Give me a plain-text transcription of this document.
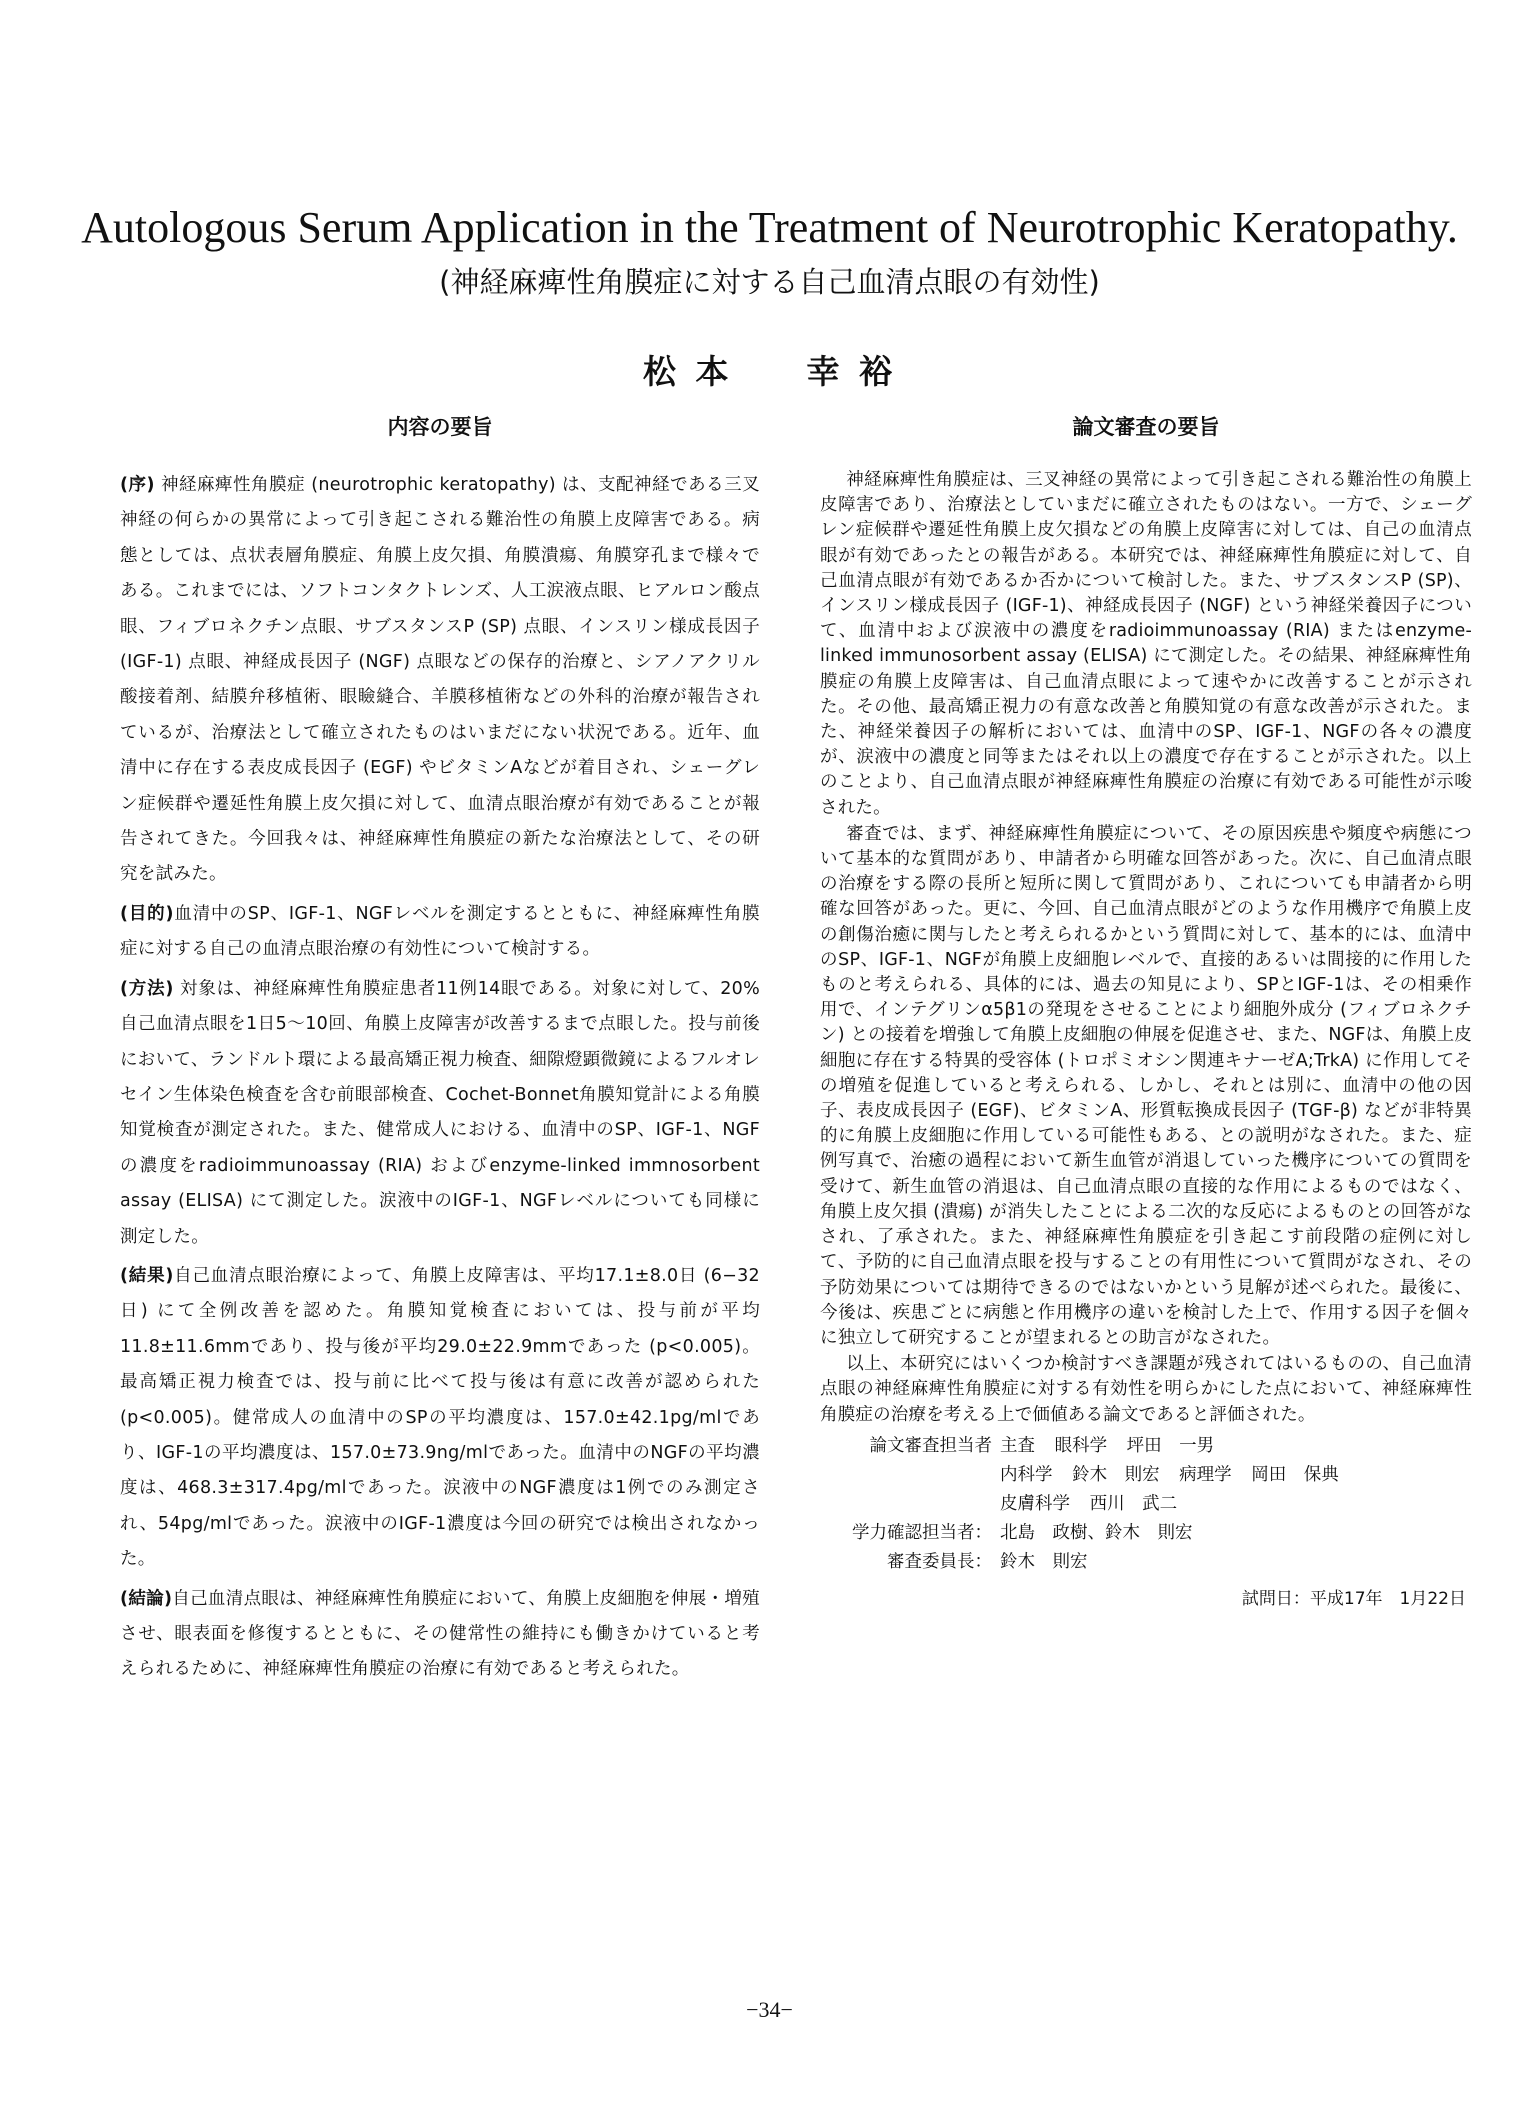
Autologous Serum Application in the Treatment of Neurotrophic Keratopathy.
(神経麻痺性角膜症に対する自己血清点眼の有効性)
松 本　　幸 裕
内容の要旨

(序) 神経麻痺性角膜症 (neurotrophic keratopathy) は、支配神経である三叉神経の何らかの異常によって引き起こされる難治性の角膜上皮障害である。病態としては、点状表層角膜症、角膜上皮欠損、角膜潰瘍、角膜穿孔まで様々である。これまでには、ソフトコンタクトレンズ、人工涙液点眼、ヒアルロン酸点眼、フィブロネクチン点眼、サブスタンスP (SP) 点眼、インスリン様成長因子 (IGF-1) 点眼、神経成長因子 (NGF) 点眼などの保存的治療と、シアノアクリル酸接着剤、結膜弁移植術、眼瞼縫合、羊膜移植術などの外科的治療が報告されているが、治療法として確立されたものはいまだにない状況である。近年、血清中に存在する表皮成長因子 (EGF) やビタミンAなどが着目され、シェーグレン症候群や遷延性角膜上皮欠損に対して、血清点眼治療が有効であることが報告されてきた。今回我々は、神経麻痺性角膜症の新たな治療法として、その研究を試みた。

(目的)血清中のSP、IGF-1、NGFレベルを測定するとともに、神経麻痺性角膜症に対する自己の血清点眼治療の有効性について検討する。

(方法) 対象は、神経麻痺性角膜症患者11例14眼である。対象に対して、20%自己血清点眼を1日5〜10回、角膜上皮障害が改善するまで点眼した。投与前後において、ランドルト環による最高矯正視力検査、細隙燈顕微鏡によるフルオレセイン生体染色検査を含む前眼部検査、Cochet-Bonnet角膜知覚計による角膜知覚検査が測定された。また、健常成人における、血清中のSP、IGF-1、NGFの濃度をradioimmunoassay (RIA) およびenzyme-linked immnosorbent assay (ELISA) にて測定した。涙液中のIGF-1、NGFレベルについても同様に測定した。

(結果)自己血清点眼治療によって、角膜上皮障害は、平均17.1±8.0日 (6−32日) にて全例改善を認めた。角膜知覚検査においては、投与前が平均11.8±11.6mmであり、投与後が平均29.0±22.9mmであった (p<0.005)。最高矯正視力検査では、投与前に比べて投与後は有意に改善が認められた (p<0.005)。健常成人の血清中のSPの平均濃度は、157.0±42.1pg/mlであり、IGF-1の平均濃度は、157.0±73.9ng/mlであった。血清中のNGFの平均濃度は、468.3±317.4pg/mlであった。涙液中のNGF濃度は1例でのみ測定され、54pg/mlであった。涙液中のIGF-1濃度は今回の研究では検出されなかった。

(結論)自己血清点眼は、神経麻痺性角膜症において、角膜上皮細胞を伸展・増殖させ、眼表面を修復するとともに、その健常性の維持にも働きかけていると考えられるために、神経麻痺性角膜症の治療に有効であると考えられた。

論文審査の要旨

神経麻痺性角膜症は、三叉神経の異常によって引き起こされる難治性の角膜上皮障害であり、治療法としていまだに確立されたものはない。一方で、シェーグレン症候群や遷延性角膜上皮欠損などの角膜上皮障害に対しては、自己の血清点眼が有効であったとの報告がある。本研究では、神経麻痺性角膜症に対して、自己血清点眼が有効であるか否かについて検討した。また、サブスタンスP (SP)、インスリン様成長因子 (IGF-1)、神経成長因子 (NGF) という神経栄養因子について、血清中および涙液中の濃度をradioimmunoassay (RIA) またはenzyme-linked immunosorbent assay (ELISA) にて測定した。その結果、神経麻痺性角膜症の角膜上皮障害は、自己血清点眼によって速やかに改善することが示された。その他、最高矯正視力の有意な改善と角膜知覚の有意な改善が示された。また、神経栄養因子の解析においては、血清中のSP、IGF-1、NGFの各々の濃度が、涙液中の濃度と同等またはそれ以上の濃度で存在することが示された。以上のことより、自己血清点眼が神経麻痺性角膜症の治療に有効である可能性が示唆された。

審査では、まず、神経麻痺性角膜症について、その原因疾患や頻度や病態について基本的な質問があり、申請者から明確な回答があった。次に、自己血清点眼の治療をする際の長所と短所に関して質問があり、これについても申請者から明確な回答があった。更に、今回、自己血清点眼がどのような作用機序で角膜上皮の創傷治癒に関与したと考えられるかという質問に対して、基本的には、血清中のSP、IGF-1、NGFが角膜上皮細胞レベルで、直接的あるいは間接的に作用したものと考えられる、具体的には、過去の知見により、SPとIGF-1は、その相乗作用で、インテグリンα5β1の発現をさせることにより細胞外成分 (フィブロネクチン) との接着を増強して角膜上皮細胞の伸展を促進させ、また、NGFは、角膜上皮細胞に存在する特異的受容体 (トロポミオシン関連キナーゼA;TrkA) に作用してその増殖を促進していると考えられる、しかし、それとは別に、血清中の他の因子、表皮成長因子 (EGF)、ビタミンA、形質転換成長因子 (TGF-β) などが非特異的に角膜上皮細胞に作用している可能性もある、との説明がなされた。また、症例写真で、治癒の過程において新生血管が消退していった機序についての質問を受けて、新生血管の消退は、自己血清点眼の直接的な作用によるものではなく、角膜上皮欠損 (潰瘍) が消失したことによる二次的な反応によるものとの回答がなされ、了承された。また、神経麻痺性角膜症を引き起こす前段階の症例に対して、予防的に自己血清点眼を投与することの有用性について質問がなされ、その予防効果については期待できるのではないかという見解が述べられた。最後に、今後は、疾患ごとに病態と作用機序の違いを検討した上で、作用する因子を個々に独立して研究することが望まれるとの助言がなされた。

以上、本研究にはいくつか検討すべき課題が残されてはいるものの、自己血清点眼の神経麻痺性角膜症に対する有効性を明らかにした点において、神経麻痺性角膜症の治療を考える上で価値ある論文であると評価された。

論文審査担当者 主査 眼科学 坪田　一男
内科学 鈴木　則宏 病理学 岡田　保典
皮膚科学 西川　武二
学力確認担当者： 北島　政樹、鈴木　則宏
審査委員長： 鈴木　則宏
試問日：平成17年　1月22日
−34−
